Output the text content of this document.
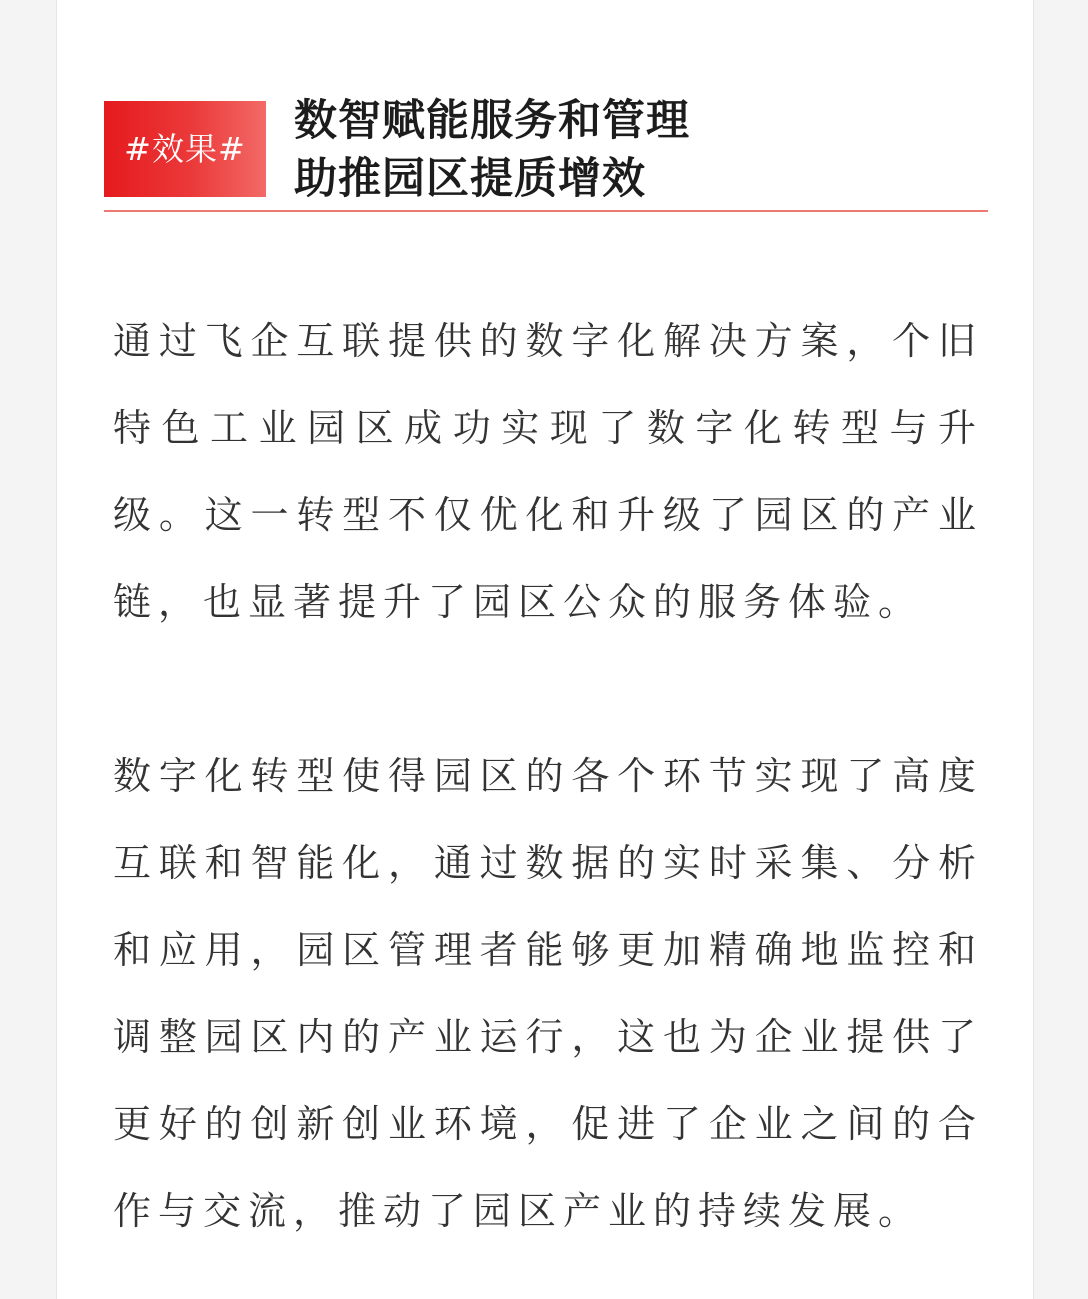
#效果#
数智赋能服务和管理
助推园区提质增效

通过飞企互联提供的数字化解决方案，个旧特色工业园区成功实现了数字化转型与升级。这一转型不仅优化和升级了园区的产业链，也显著提升了园区公众的服务体验。

数字化转型使得园区的各个环节实现了高度互联和智能化，通过数据的实时采集、分析和应用，园区管理者能够更加精确地监控和调整园区内的产业运行，这也为企业提供了更好的创新创业环境，促进了企业之间的合作与交流，推动了园区产业的持续发展。
